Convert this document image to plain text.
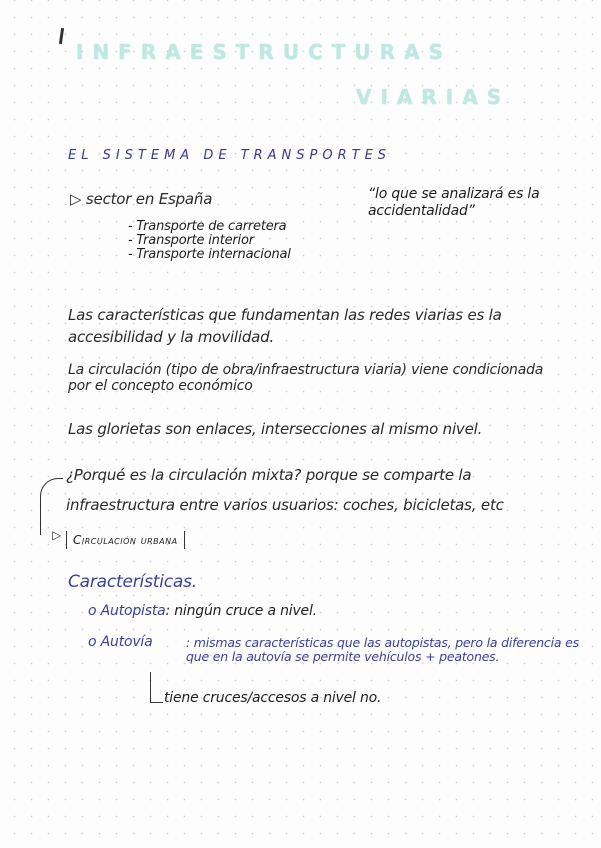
INFRAESTRUCTURAS
VIARIAS
EL SISTEMA DE TRANSPORTES
▷ sector en España	“lo que se analizará es la accidentalidad”
- Transporte de carretera
- Transporte interior
- Transporte internacional
Las características que fundamentan las redes viarias es la accesibilidad y la movilidad.
La circulación (tipo de obra/infraestructura viaria) viene condicionada por el concepto económico
Las glorietas son enlaces, intersecciones al mismo nivel.
¿Porqué es la circulación mixta? porque se comparte la infraestructura entre varios usuarios: coches, bicicletas, etc
▷ Circulación urbana
Características.
o Autopista: ningún cruce a nivel.
o Autovía	: mismas características que las autopistas, pero la diferencia es que en la autovía se permite vehículos + peatones.
tiene cruces/accesos a nivel no.
